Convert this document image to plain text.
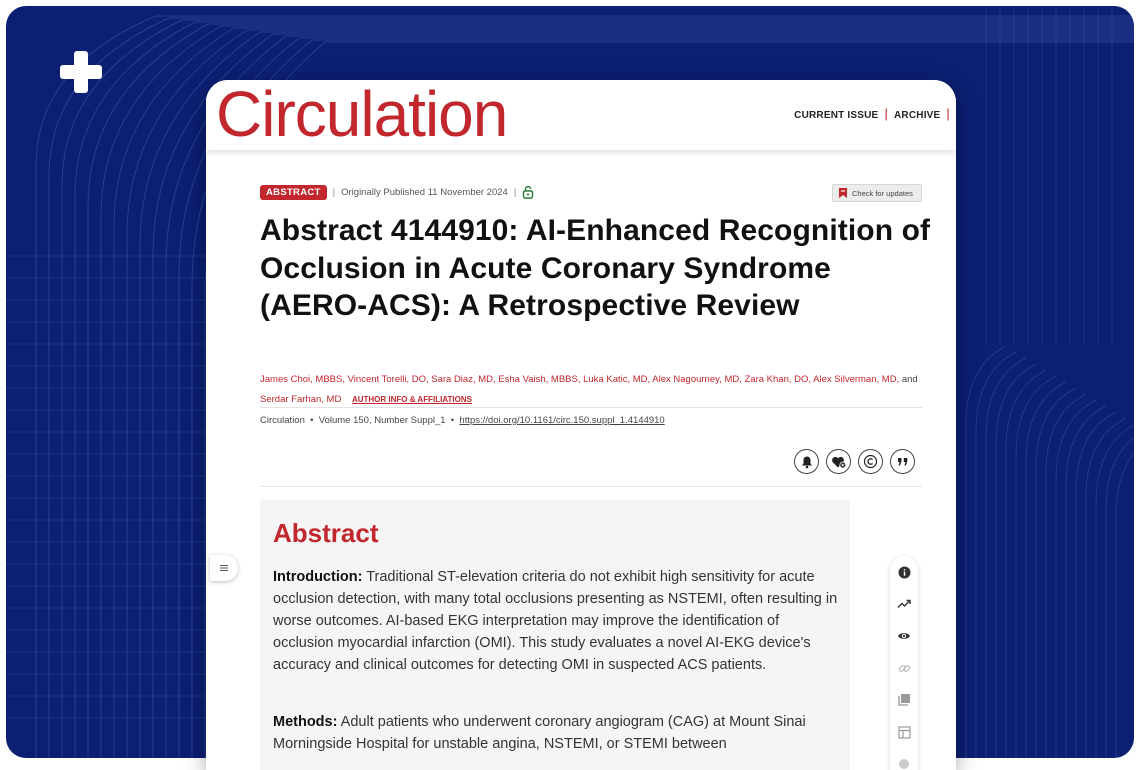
Circulation	CURRENT ISSUE | ARCHIVE |
ABSTRACT	| Originally Published 11 November 2024 |	Check for updates
Abstract 4144910: AI-Enhanced Recognition of Occlusion in Acute Coronary Syndrome (AERO-ACS): A Retrospective Review
James Choi, MBBS, Vincent Torelli, DO, Sara Diaz, MD, Esha Vaish, MBBS, Luka Katic, MD, Alex Nagourney, MD, Zara Khan, DO, Alex Silverman, MD, and Serdar Farhan, MD AUTHOR INFO & AFFILIATIONS
Circulation  •  Volume 150, Number Suppl_1  •  https://doi.org/10.1161/circ.150.suppl_1.4144910
Abstract
Introduction: Traditional ST-elevation criteria do not exhibit high sensitivity for acute occlusion detection, with many total occlusions presenting as NSTEMI, often resulting in worse outcomes. AI-based EKG interpretation may improve the identification of occlusion myocardial infarction (OMI). This study evaluates a novel AI-EKG device's accuracy and clinical outcomes for detecting OMI in suspected ACS patients.
Methods: Adult patients who underwent coronary angiogram (CAG) at Mount Sinai Morningside Hospital for unstable angina, NSTEMI, or STEMI between
